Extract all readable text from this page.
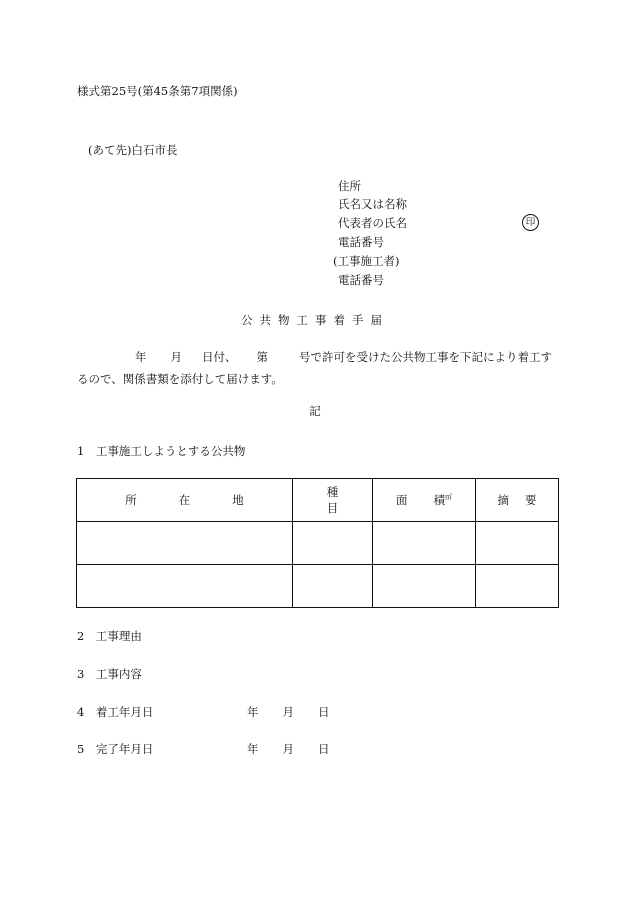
様式第25号(第45条第7項関係)
(あて先)白石市長
住所
氏名又は名称
代表者の氏名	印
電話番号
(工事施工者)
電話番号
公共物工事着手届
年 月 日付、 第	号で許可を受けた公共物工事を下記により着工するので、関係書類を添付して届けます。
記
1　工事施工しようとする公共物
所在地	種目	面 積㎡	摘要

2　工事理由
3　工事内容
4　着工年月日	年 月 日
5　完了年月日	年 月 日
